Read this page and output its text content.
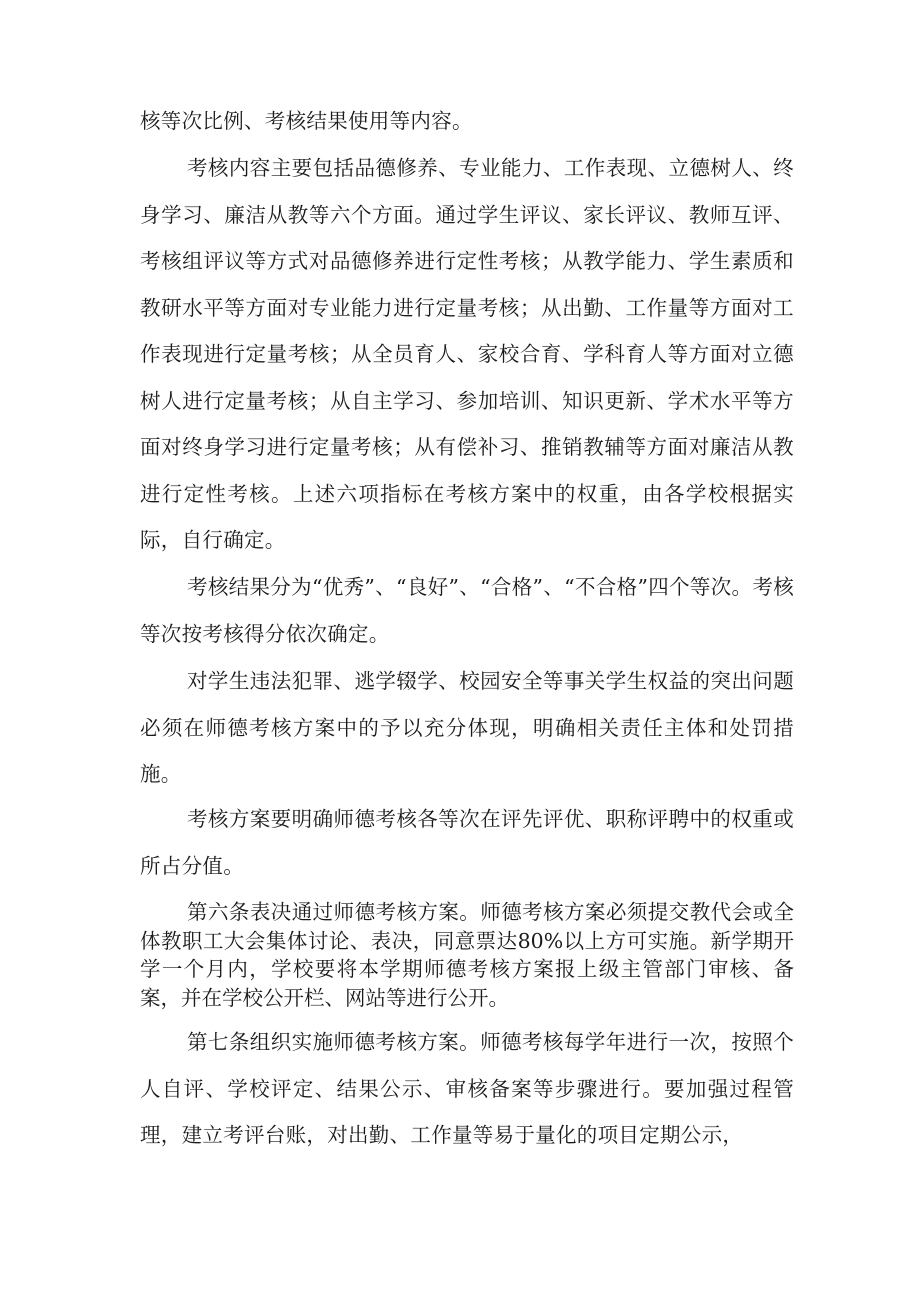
核等次比例、考核结果使用等内容。

考核内容主要包括品德修养、专业能力、工作表现、立德树人、终身学习、廉洁从教等六个方面。通过学生评议、家长评议、教师互评、考核组评议等方式对品德修养进行定性考核；从教学能力、学生素质和教研水平等方面对专业能力进行定量考核；从出勤、工作量等方面对工作表现进行定量考核；从全员育人、家校合育、学科育人等方面对立德树人进行定量考核；从自主学习、参加培训、知识更新、学术水平等方面对终身学习进行定量考核；从有偿补习、推销教辅等方面对廉洁从教进行定性考核。上述六项指标在考核方案中的权重，由各学校根据实际，自行确定。

考核结果分为“优秀”、“良好”、“合格”、“不合格”四个等次。考核等次按考核得分依次确定。

对学生违法犯罪、逃学辍学、校园安全等事关学生权益的突出问题必须在师德考核方案中的予以充分体现，明确相关责任主体和处罚措施。

考核方案要明确师德考核各等次在评先评优、职称评聘中的权重或所占分值。

第六条表决通过师德考核方案。师德考核方案必须提交教代会或全体教职工大会集体讨论、表决，同意票达80%以上方可实施。新学期开学一个月内，学校要将本学期师德考核方案报上级主管部门审核、备案，并在学校公开栏、网站等进行公开。

第七条组织实施师德考核方案。师德考核每学年进行一次，按照个人自评、学校评定、结果公示、审核备案等步骤进行。要加强过程管理，建立考评台账，对出勤、工作量等易于量化的项目定期公示，
